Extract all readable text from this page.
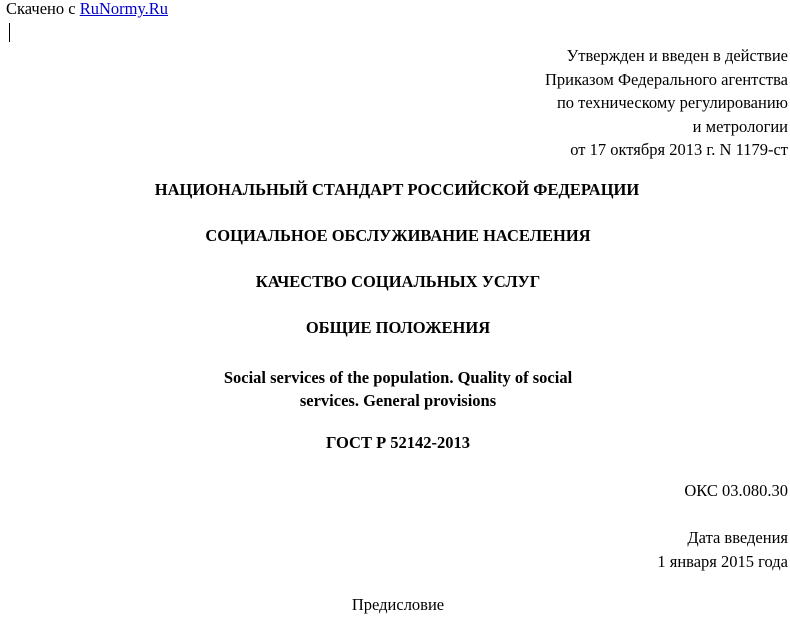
Скачено с RuNormy.Ru
Утвержден и введен в действие
Приказом Федерального агентства
по техническому регулированию
и метрологии
от 17 октября 2013 г. N 1179-ст
НАЦИОНАЛЬНЫЙ СТАНДАРТ РОССИЙСКОЙ ФЕДЕРАЦИИ
СОЦИАЛЬНОЕ ОБСЛУЖИВАНИЕ НАСЕЛЕНИЯ
КАЧЕСТВО СОЦИАЛЬНЫХ УСЛУГ
ОБЩИЕ ПОЛОЖЕНИЯ
Social services of the population. Quality of social
services. General provisions
ГОСТ Р 52142-2013
ОКС 03.080.30
Дата введения
1 января 2015 года
Предисловие
